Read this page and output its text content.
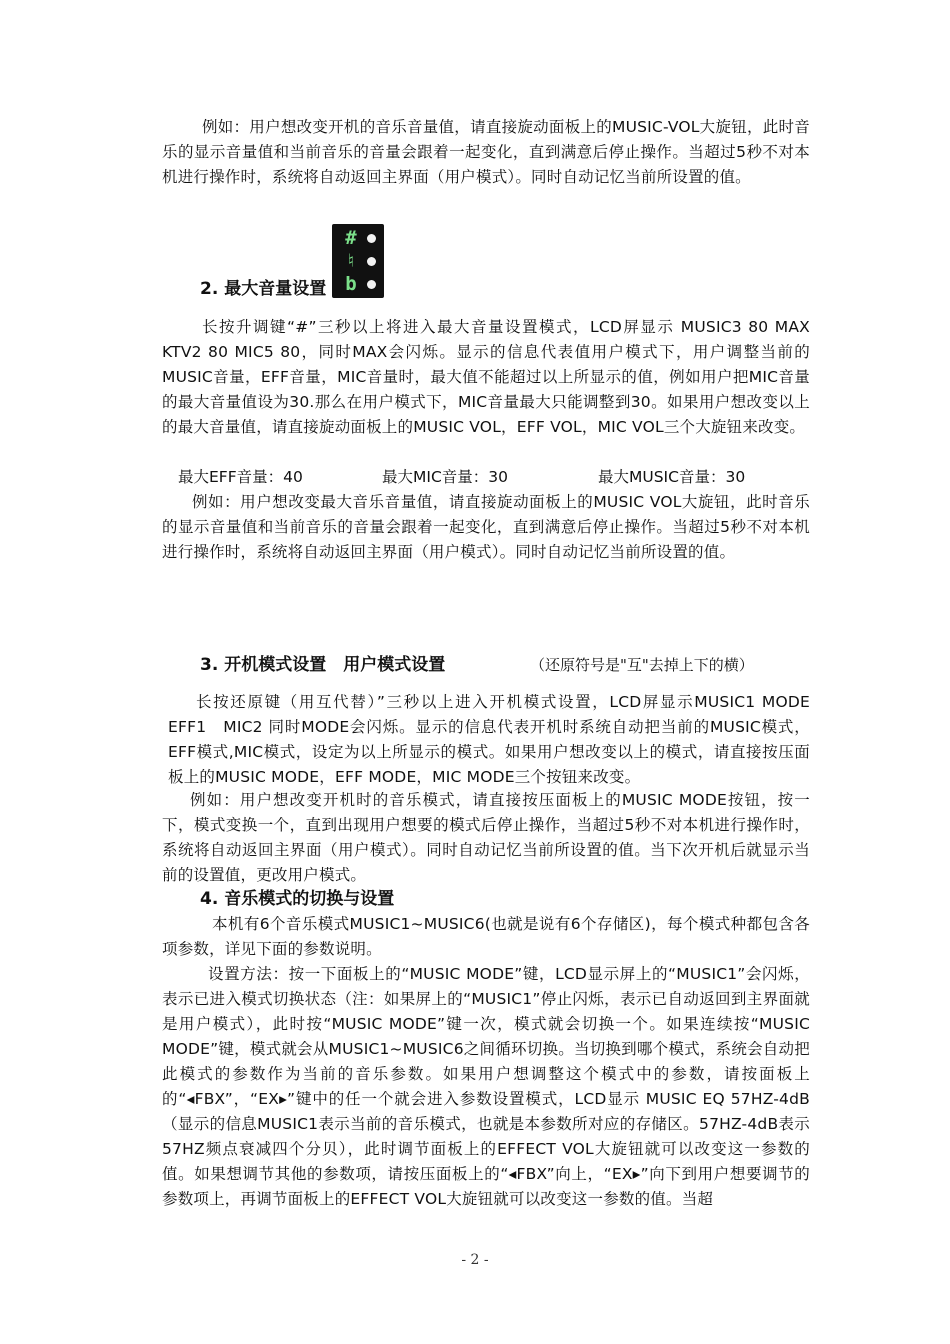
例如：用户想改变开机的音乐音量值，请直接旋动面板上的MUSIC-VOL大旋钮，此时音乐的显示音量值和当前音乐的音量会跟着一起变化，直到满意后停止操作。当超过5秒不对本机进行操作时，系统将自动返回主界面（用户模式）。同时自动记忆当前所设置的值。

2. 最大音量设置
#
♮
b

长按升调键“#”三秒以上将进入最大音量设置模式，LCD屏显示 MUSIC3 80 MAX KTV2 80 MIC5 80，同时MAX会闪烁。显示的信息代表值用户模式下，用户调整当前的MUSIC音量，EFF音量，MIC音量时，最大值不能超过以上所显示的值，例如用户把MIC音量的最大音量值设为30.那么在用户模式下，MIC音量最大只能调整到30。如果用户想改变以上的最大音量值，请直接旋动面板上的MUSIC VOL，EFF VOL，MIC VOL三个大旋钮来改变。

最大EFF音量：40	最大MIC音量：30	最大MUSIC音量：30

例如：用户想改变最大音乐音量值，请直接旋动面板上的MUSIC VOL大旋钮，此时音乐的显示音量值和当前音乐的音量会跟着一起变化，直到满意后停止操作。当超过5秒不对本机进行操作时，系统将自动返回主界面（用户模式）。同时自动记忆当前所设置的值。

3. 开机模式设置　用户模式设置	（还原符号是"互"去掉上下的横）

长按还原键（用互代替）”三秒以上进入开机模式设置，LCD屏显示MUSIC1 MODE EFF1　MIC2 同时MODE会闪烁。显示的信息代表开机时系统自动把当前的MUSIC模式，EFF模式,MIC模式，设定为以上所显示的模式。如果用户想改变以上的模式，请直接按压面板上的MUSIC MODE，EFF MODE，MIC MODE三个按钮来改变。

例如：用户想改变开机时的音乐模式，请直接按压面板上的MUSIC MODE按钮，按一下，模式变换一个，直到出现用户想要的模式后停止操作，当超过5秒不对本机进行操作时，系统将自动返回主界面（用户模式）。同时自动记忆当前所设置的值。当下次开机后就显示当前的设置值，更改用户模式。

4. 音乐模式的切换与设置

本机有6个音乐模式MUSIC1~MUSIC6(也就是说有6个存储区)，每个模式种都包含各项参数，详见下面的参数说明。

设置方法：按一下面板上的“MUSIC MODE”键，LCD显示屏上的“MUSIC1”会闪烁，表示已进入模式切换状态（注：如果屏上的“MUSIC1”停止闪烁，表示已自动返回到主界面就是用户模式），此时按“MUSIC MODE”键一次，模式就会切换一个。如果连续按“MUSIC MODE”键，模式就会从MUSIC1~MUSIC6之间循环切换。当切换到哪个模式，系统会自动把此模式的参数作为当前的音乐参数。如果用户想调整这个模式中的参数，请按面板上的“◂FBX”，“EX▸”键中的任一个就会进入参数设置模式，LCD显示 MUSIC EQ 57HZ-4dB（显示的信息MUSIC1表示当前的音乐模式，也就是本参数所对应的存储区。57HZ-4dB表示57HZ频点衰减四个分贝），此时调节面板上的EFFECT VOL大旋钮就可以改变这一参数的值。如果想调节其他的参数项，请按压面板上的“◂FBX”向上，“EX▸”向下到用户想要调节的参数项上，再调节面板上的EFFECT VOL大旋钮就可以改变这一参数的值。当超

- 2 -
